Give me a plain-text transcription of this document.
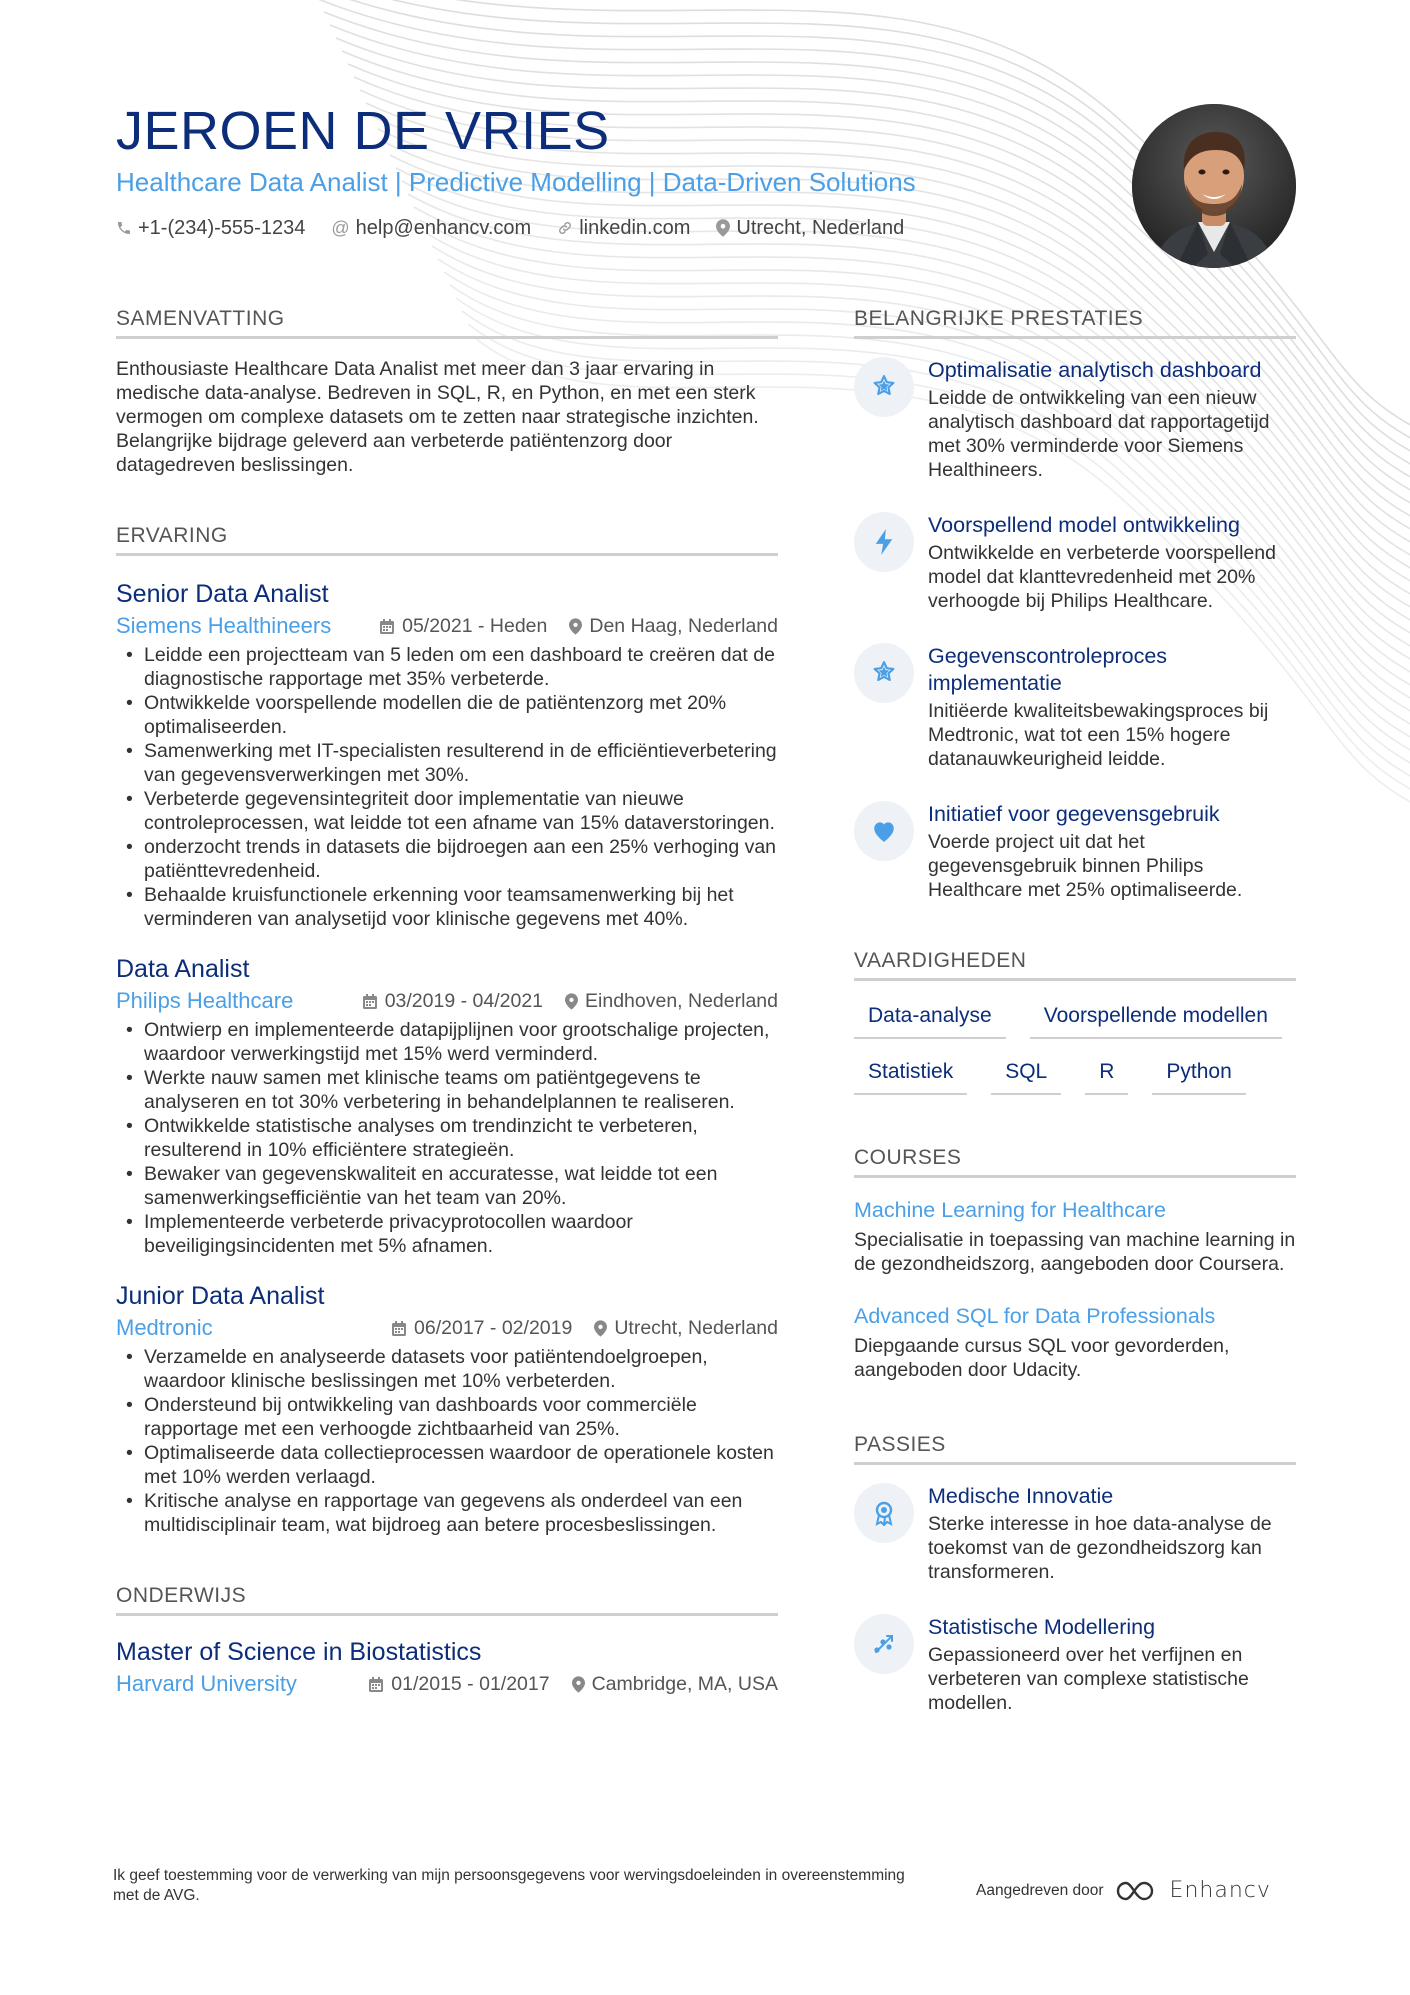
JEROEN DE VRIES
Healthcare Data Analist | Predictive Modelling | Data-Driven Solutions
+1-(234)-555-1234 @ help@enhancv.com linkedin.com Utrecht, Nederland
SAMENVATTING
Enthousiaste Healthcare Data Analist met meer dan 3 jaar ervaring in medische data-analyse. Bedreven in SQL, R, en Python, en met een sterk vermogen om complexe datasets om te zetten naar strategische inzichten. Belangrijke bijdrage geleverd aan verbeterde patiëntenzorg door datagedreven beslissingen.
ERVARING
Senior Data Analist
Siemens Healthineers	05/2021 - Heden Den Haag, Nederland
• Leidde een projectteam van 5 leden om een dashboard te creëren dat de diagnostische rapportage met 35% verbeterde.
• Ontwikkelde voorspellende modellen die de patiëntenzorg met 20% optimaliseerden.
• Samenwerking met IT-specialisten resulterend in de efficiëntieverbetering van gegevensverwerkingen met 30%.
• Verbeterde gegevensintegriteit door implementatie van nieuwe controleprocessen, wat leidde tot een afname van 15% dataverstoringen.
• onderzocht trends in datasets die bijdroegen aan een 25% verhoging van patiënttevredenheid.
• Behaalde kruisfunctionele erkenning voor teamsamenwerking bij het verminderen van analysetijd voor klinische gegevens met 40%.
Data Analist
Philips Healthcare	03/2019 - 04/2021 Eindhoven, Nederland
• Ontwierp en implementeerde datapijplijnen voor grootschalige projecten, waardoor verwerkingstijd met 15% werd verminderd.
• Werkte nauw samen met klinische teams om patiëntgegevens te analyseren en tot 30% verbetering in behandelplannen te realiseren.
• Ontwikkelde statistische analyses om trendinzicht te verbeteren, resulterend in 10% efficiëntere strategieën.
• Bewaker van gegevenskwaliteit en accuratesse, wat leidde tot een samenwerkingsefficiëntie van het team van 20%.
• Implementeerde verbeterde privacyprotocollen waardoor beveiligingsincidenten met 5% afnamen.
Junior Data Analist
Medtronic	06/2017 - 02/2019 Utrecht, Nederland
• Verzamelde en analyseerde datasets voor patiëntendoelgroepen, waardoor klinische beslissingen met 10% verbeterden.
• Ondersteund bij ontwikkeling van dashboards voor commerciële rapportage met een verhoogde zichtbaarheid van 25%.
• Optimaliseerde data collectieprocessen waardoor de operationele kosten met 10% werden verlaagd.
• Kritische analyse en rapportage van gegevens als onderdeel van een multidisciplinair team, wat bijdroeg aan betere procesbeslissingen.
ONDERWIJS
Master of Science in Biostatistics
Harvard University	01/2015 - 01/2017 Cambridge, MA, USA
BELANGRIJKE PRESTATIES
Optimalisatie analytisch dashboard
Leidde de ontwikkeling van een nieuw analytisch dashboard dat rapportagetijd met 30% verminderde voor Siemens Healthineers.
Voorspellend model ontwikkeling
Ontwikkelde en verbeterde voorspellend model dat klanttevredenheid met 20% verhoogde bij Philips Healthcare.
Gegevenscontroleproces implementatie
Initiëerde kwaliteitsbewakingsproces bij Medtronic, wat tot een 15% hogere datanauwkeurigheid leidde.
Initiatief voor gegevensgebruik
Voerde project uit dat het gegevensgebruik binnen Philips Healthcare met 25% optimaliseerde.
VAARDIGHEDEN
Data-analyse	Voorspellende modellen
Statistiek	SQL	R	Python
COURSES
Machine Learning for Healthcare
Specialisatie in toepassing van machine learning in de gezondheidszorg, aangeboden door Coursera.
Advanced SQL for Data Professionals
Diepgaande cursus SQL voor gevorderden, aangeboden door Udacity.
PASSIES
Medische Innovatie
Sterke interesse in hoe data-analyse de toekomst van de gezondheidszorg kan transformeren.
Statistische Modellering
Gepassioneerd over het verfijnen en verbeteren van complexe statistische modellen.
Ik geef toestemming voor de verwerking van mijn persoonsgegevens voor wervingsdoeleinden in overeenstemming met de AVG.	Aangedreven door	Enhancv
